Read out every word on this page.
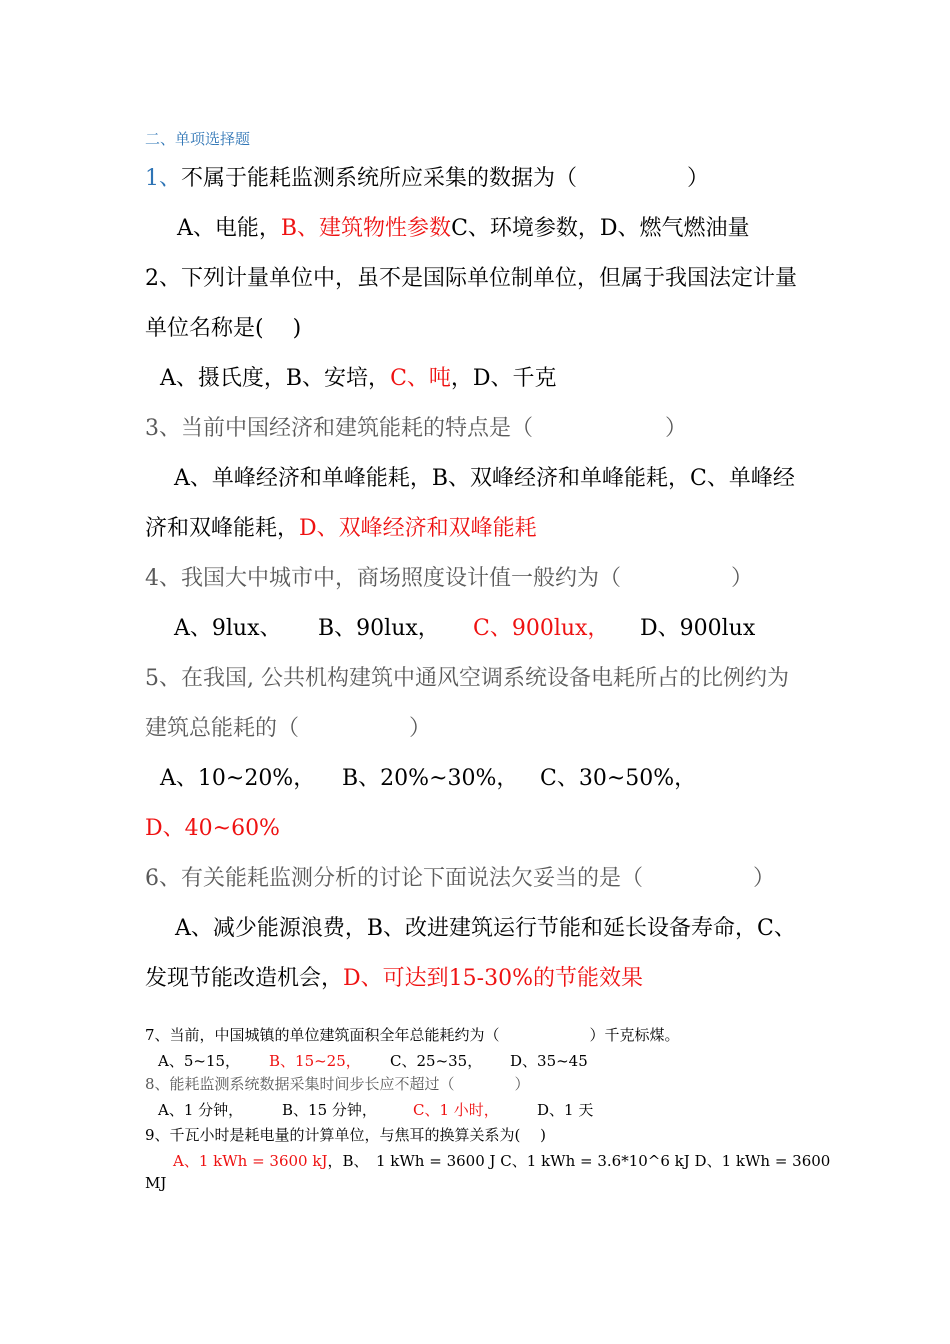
二、单项选择题
1、不属于能耗监测系统所应采集的数据为（　　　　　）
A、电能，B、建筑物性参数C、环境参数，D、燃气燃油量
2、下列计量单位中，虽不是国际单位制单位，但属于我国法定计量
单位名称是(　 )
A、摄氏度，B、安培，C、吨，D、千克
3、当前中国经济和建筑能耗的特点是（　　　　　　）
A、单峰经济和单峰能耗，B、双峰经济和单峰能耗，C、单峰经
济和双峰能耗，D、双峰经济和双峰能耗
4、我国大中城市中，商场照度设计值一般约为（　　　　　）
A、9lux、 B、90lux， C、900lux， D、900lux
5、在我国, 公共机构建筑中通风空调系统设备电耗所占的比例约为
建筑总能耗的（　　　　　）
A、10~20%， B、20%~30%， C、30~50%，
D、40~60%
6、有关能耗监测分析的讨论下面说法欠妥当的是（　　　　　）
A、减少能源浪费，B、改进建筑运行节能和延长设备寿命，C、
发现节能改造机会，D、可达到15-30%的节能效果
7、当前，中国城镇的单位建筑面积全年总能耗约为（　　　　　　）千克标煤。
A、5~15， B、15~25， C、25~35， D、35~45
8、能耗监测系统数据采集时间步长应不超过（　　　　）
A、1 分钟，	B、15 分钟， C、1 小时，	D、1 天
9、千瓦小时是耗电量的计算单位，与焦耳的换算关系为(　 )
A、1 kWh = 3600 kJ，B、　1 kWh = 3600 J C、1 kWh = 3.6*10^6 kJ D、1 kWh = 3600
MJ
